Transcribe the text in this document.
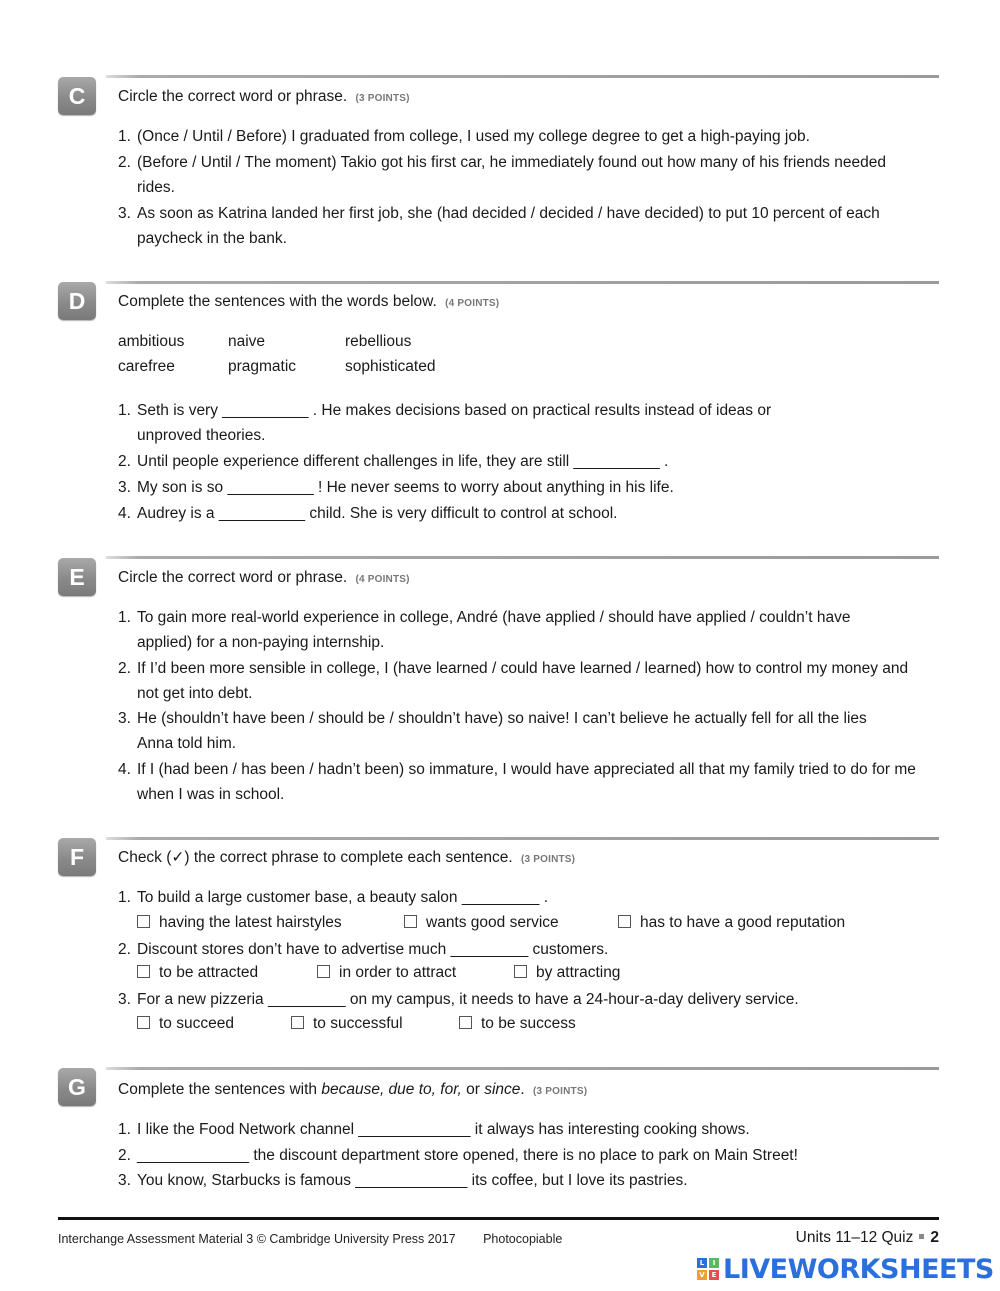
C	Circle the correct word or phrase. (3 POINTS)
1. (Once / Until / Before) I graduated from college, I used my college degree to get a high-paying job.
2. (Before / Until / The moment) Takio got his first car, he immediately found out how many of his friends needed rides.
3. As soon as Katrina landed her first job, she (had decided / decided / have decided) to put 10 percent of each paycheck in the bank.
D	Complete the sentences with the words below. (4 POINTS)
ambitious	naive	rebellious
carefree	pragmatic	sophisticated
1. Seth is very __________ . He makes decisions based on practical results instead of ideas or unproved theories.
2. Until people experience different challenges in life, they are still __________ .
3. My son is so __________ ! He never seems to worry about anything in his life.
4. Audrey is a __________ child. She is very difficult to control at school.
E	Circle the correct word or phrase. (4 POINTS)
1. To gain more real-world experience in college, André (have applied / should have applied / couldn’t have applied) for a non-paying internship.
2. If I’d been more sensible in college, I (have learned / could have learned / learned) how to control my money and not get into debt.
3. He (shouldn’t have been / should be / shouldn’t have) so naive! I can’t believe he actually fell for all the lies Anna told him.
4. If I (had been / has been / hadn’t been) so immature, I would have appreciated all that my family tried to do for me when I was in school.
F	Check (✓) the correct phrase to complete each sentence. (3 POINTS)
1. To build a large customer base, a beauty salon _________ .
having the latest hairstyles	wants good service	has to have a good reputation
2. Discount stores don’t have to advertise much _________ customers.
to be attracted	in order to attract	by attracting
3. For a new pizzeria _________ on my campus, it needs to have a 24-hour-a-day delivery service.
to succeed	to successful	to be success
G	Complete the sentences with because, due to, for, or since. (3 POINTS)
1. I like the Food Network channel _____________ it always has interesting cooking shows.
2. _____________ the discount department store opened, there is no place to park on Main Street!
3. You know, Starbucks is famous _____________ its coffee, but I love its pastries.
Interchange Assessment Material 3 © Cambridge University Press 2017 Photocopiable	Units 11–12 Quiz 2
L	I
V E LIVEWORKSHEETS
